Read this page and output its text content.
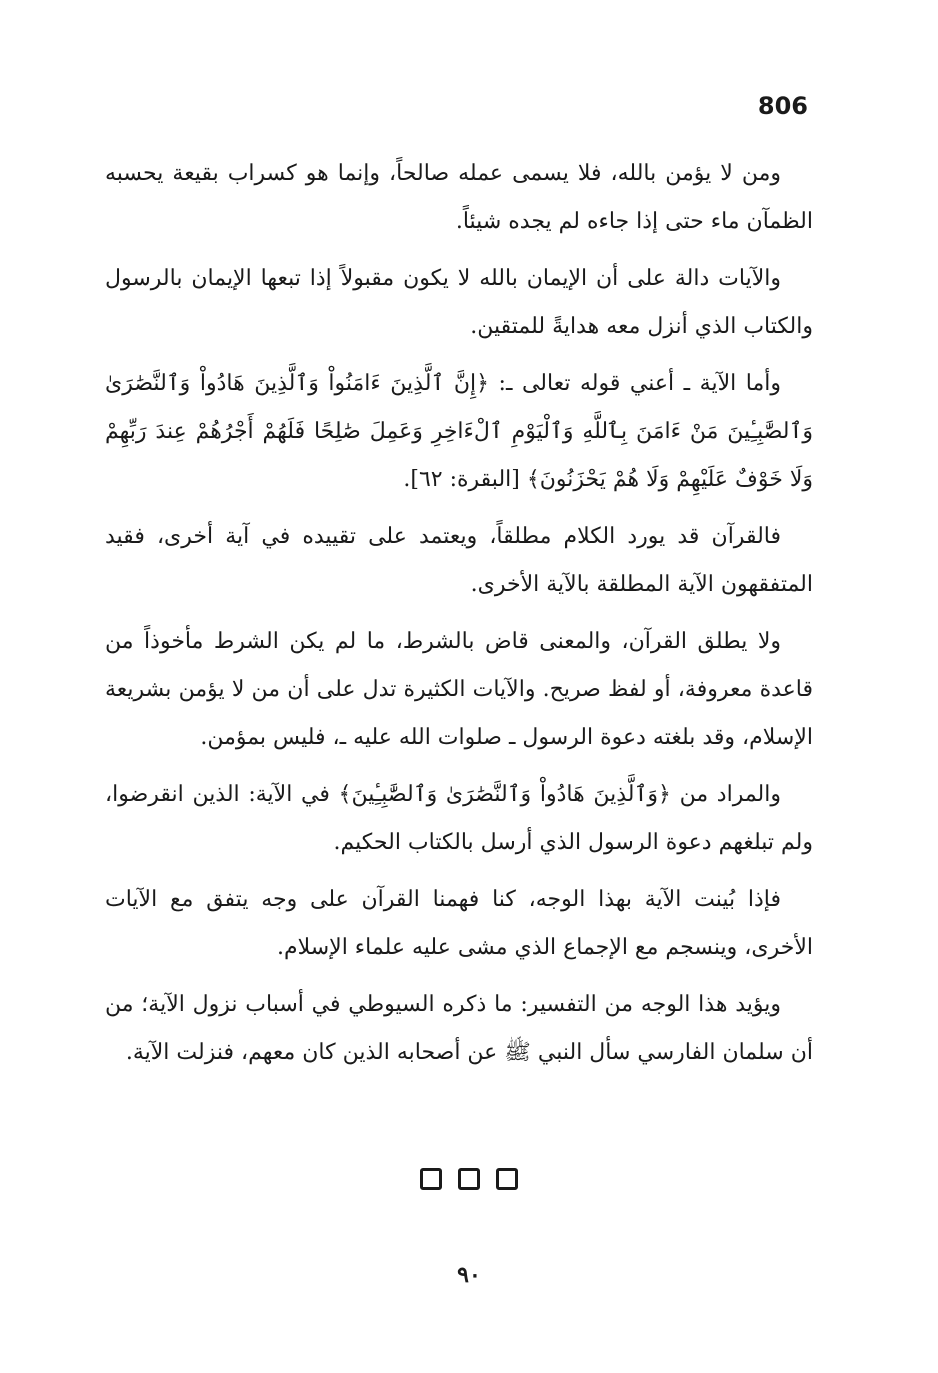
806

ومن لا يؤمن بالله، فلا يسمى عمله صالحاً، وإنما هو كسراب بقيعة يحسبه الظمآن ماء حتى إذا جاءه لم يجده شيئاً.

والآيات دالة على أن الإيمان بالله لا يكون مقبولاً إذا تبعها الإيمان بالرسول والكتاب الذي أنزل معه هدايةً للمتقين.

وأما الآية ـ أعني قوله تعالى ـ: ﴿إِنَّ ٱلَّذِينَ ءَامَنُواْ وَٱلَّذِينَ هَادُواْ وَٱلنَّصَٰرَىٰ وَٱلصَّٰبِـِٔينَ مَنْ ءَامَنَ بِٱللَّهِ وَٱلْيَوْمِ ٱلْءَاخِرِ وَعَمِلَ صَٰلِحًا فَلَهُمْ أَجْرُهُمْ عِندَ رَبِّهِمْ وَلَا خَوْفٌ عَلَيْهِمْ وَلَا هُمْ يَحْزَنُونَ﴾ [البقرة: ٦٢].

فالقرآن قد يورد الكلام مطلقاً، ويعتمد على تقييده في آية أخرى، فقيد المتفقهون الآية المطلقة بالآية الأخرى.

ولا يطلق القرآن، والمعنى قاض بالشرط، ما لم يكن الشرط مأخوذاً من قاعدة معروفة، أو لفظ صريح. والآيات الكثيرة تدل على أن من لا يؤمن بشريعة الإسلام، وقد بلغته دعوة الرسول ـ صلوات الله عليه ـ، فليس بمؤمن.

والمراد من ﴿وَٱلَّذِينَ هَادُواْ وَٱلنَّصَٰرَىٰ وَٱلصَّٰبِـِٔينَ﴾ في الآية: الذين انقرضوا، ولم تبلغهم دعوة الرسول الذي أرسل بالكتاب الحكيم.

فإذا بُينت الآية بهذا الوجه، كنا فهمنا القرآن على وجه يتفق مع الآيات الأخرى، وينسجم مع الإجماع الذي مشى عليه علماء الإسلام.

ويؤيد هذا الوجه من التفسير: ما ذكره السيوطي في أسباب نزول الآية؛ من أن سلمان الفارسي سأل النبي ﷺ عن أصحابه الذين كان معهم، فنزلت الآية.

٩٠
